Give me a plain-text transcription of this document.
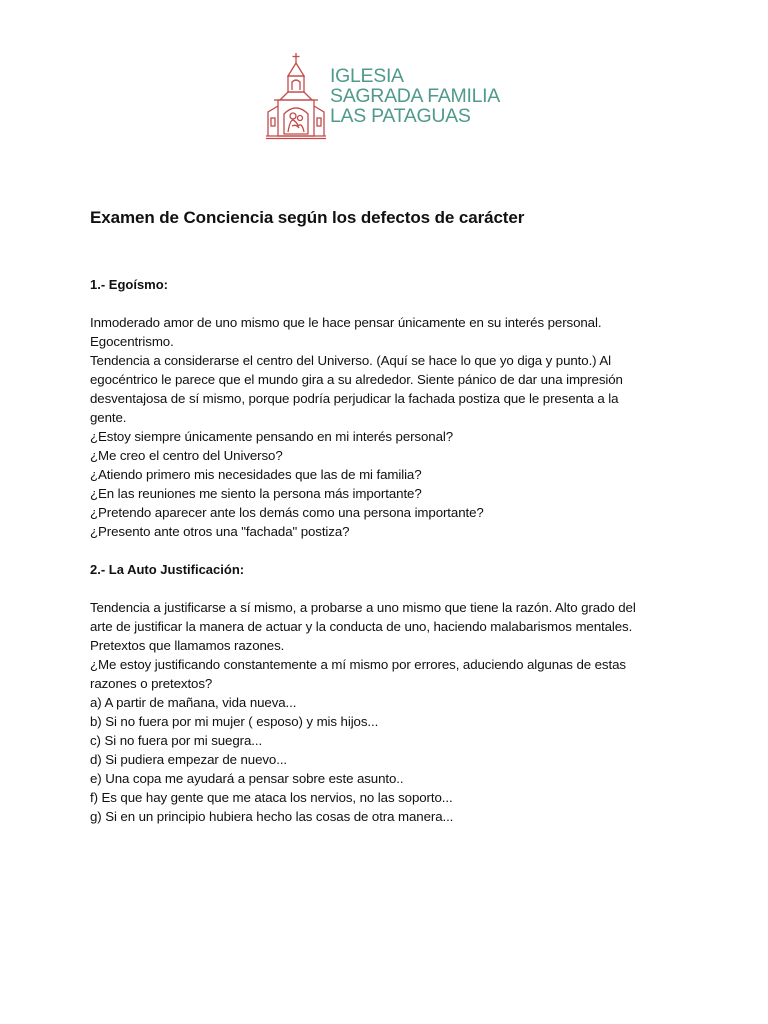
IGLESIA
SAGRADA FAMILIA
LAS PATAGUAS
Examen de Conciencia según los defectos de carácter
1.- Egoísmo:
Inmoderado amor de uno mismo que le hace pensar únicamente en su interés personal.
Egocentrismo.
Tendencia a considerarse el centro del Universo. (Aquí se hace lo que yo diga y punto.) Al
egocéntrico le parece que el mundo gira a su alrededor. Siente pánico de dar una impresión
desventajosa de sí mismo, porque podría perjudicar la fachada postiza que le presenta a la
gente.
¿Estoy siempre únicamente pensando en mi interés personal?
¿Me creo el centro del Universo?
¿Atiendo primero mis necesidades que las de mi familia?
¿En las reuniones me siento la persona más importante?
¿Pretendo aparecer ante los demás como una persona importante?
¿Presento ante otros una "fachada" postiza?
2.- La Auto Justificación:
Tendencia a justificarse a sí mismo, a probarse a uno mismo que tiene la razón. Alto grado del
arte de justificar la manera de actuar y la conducta de uno, haciendo malabarismos mentales.
Pretextos que llamamos razones.
¿Me estoy justificando constantemente a mí mismo por errores, aduciendo algunas de estas
razones o pretextos?
a) A partir de mañana, vida nueva...
b) Si no fuera por mi mujer ( esposo) y mis hijos...
c) Si no fuera por mi suegra...
d) Si pudiera empezar de nuevo...
e) Una copa me ayudará a pensar sobre este asunto..
f) Es que hay gente que me ataca los nervios, no las soporto...
g) Si en un principio hubiera hecho las cosas de otra manera...
